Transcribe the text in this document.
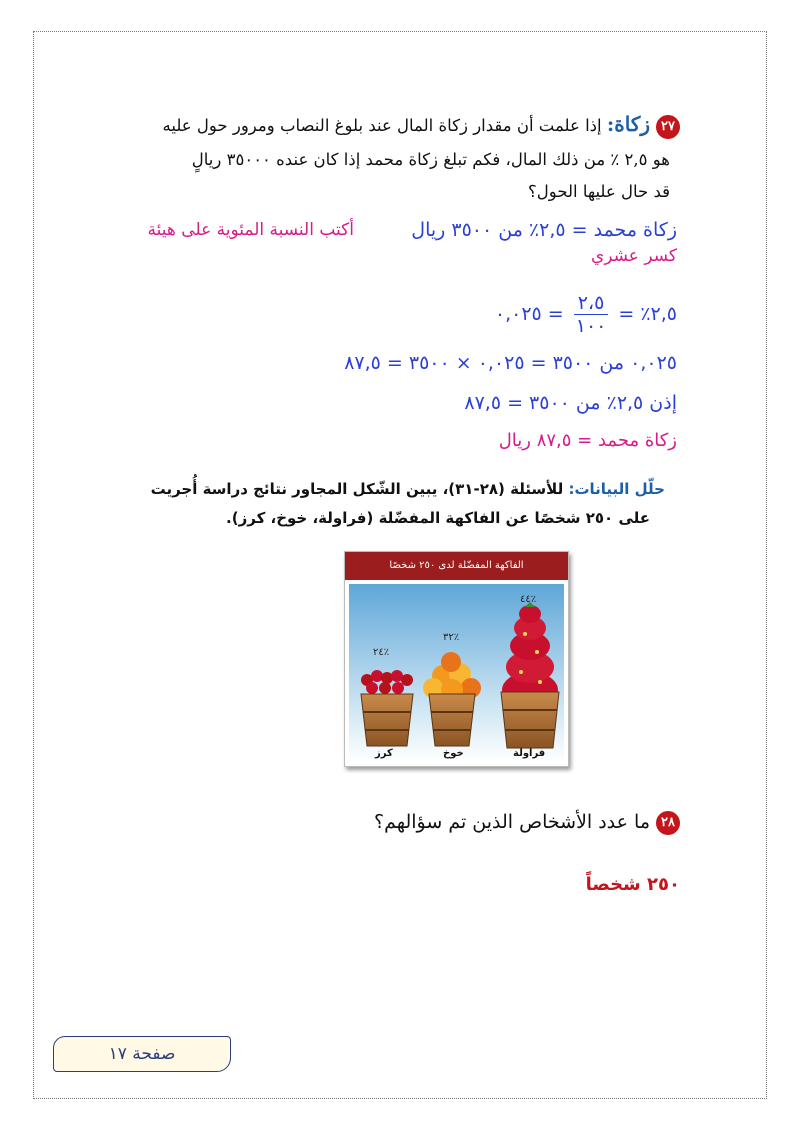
٢٧زكاة: إذا علمت أن مقدار زكاة المال عند بلوغ النصاب ومرور حول عليه
هو ٢,٥ ٪ من ذلك المال، فكم تبلغ زكاة محمد إذا كان عنده ٣٥٠٠٠ ريالٍ
قد حال عليها الحول؟
زكاة محمد = ٢,٥٪ من ٣٥٠٠ ريال
أكتب النسبة المئوية على هيئة
كسر عشري
٢,٥٪ =
$\frac{٢،٥}{١٠٠}$
= ٠,٠٢٥
٠,٠٢٥ من ٣٥٠٠ = ٠,٠٢٥ × ٣٥٠٠ = ٨٧,٥
إذن ٢,٥٪ من ٣٥٠٠ = ٨٧,٥
زكاة محمد = ٨٧,٥ ريال
حلّل البيانات: للأسئلة (٢٨-٣١)، يبين الشّكل المجاور نتائج دراسة أُجريت
على ٢٥٠ شخصًا عن الفاكهة المفضّلة (فراولة، خوخ، كرز).
الفاكهة المفضّلة لدى ٢٥٠ شخصًا
٪٤٤
٪٣٢
٪٢٤
فراولة
خوخ
كرز
٢٨ما عدد الأشخاص الذين تم سؤالهم؟
٢٥٠ شخصاً
صفحة ١٧
